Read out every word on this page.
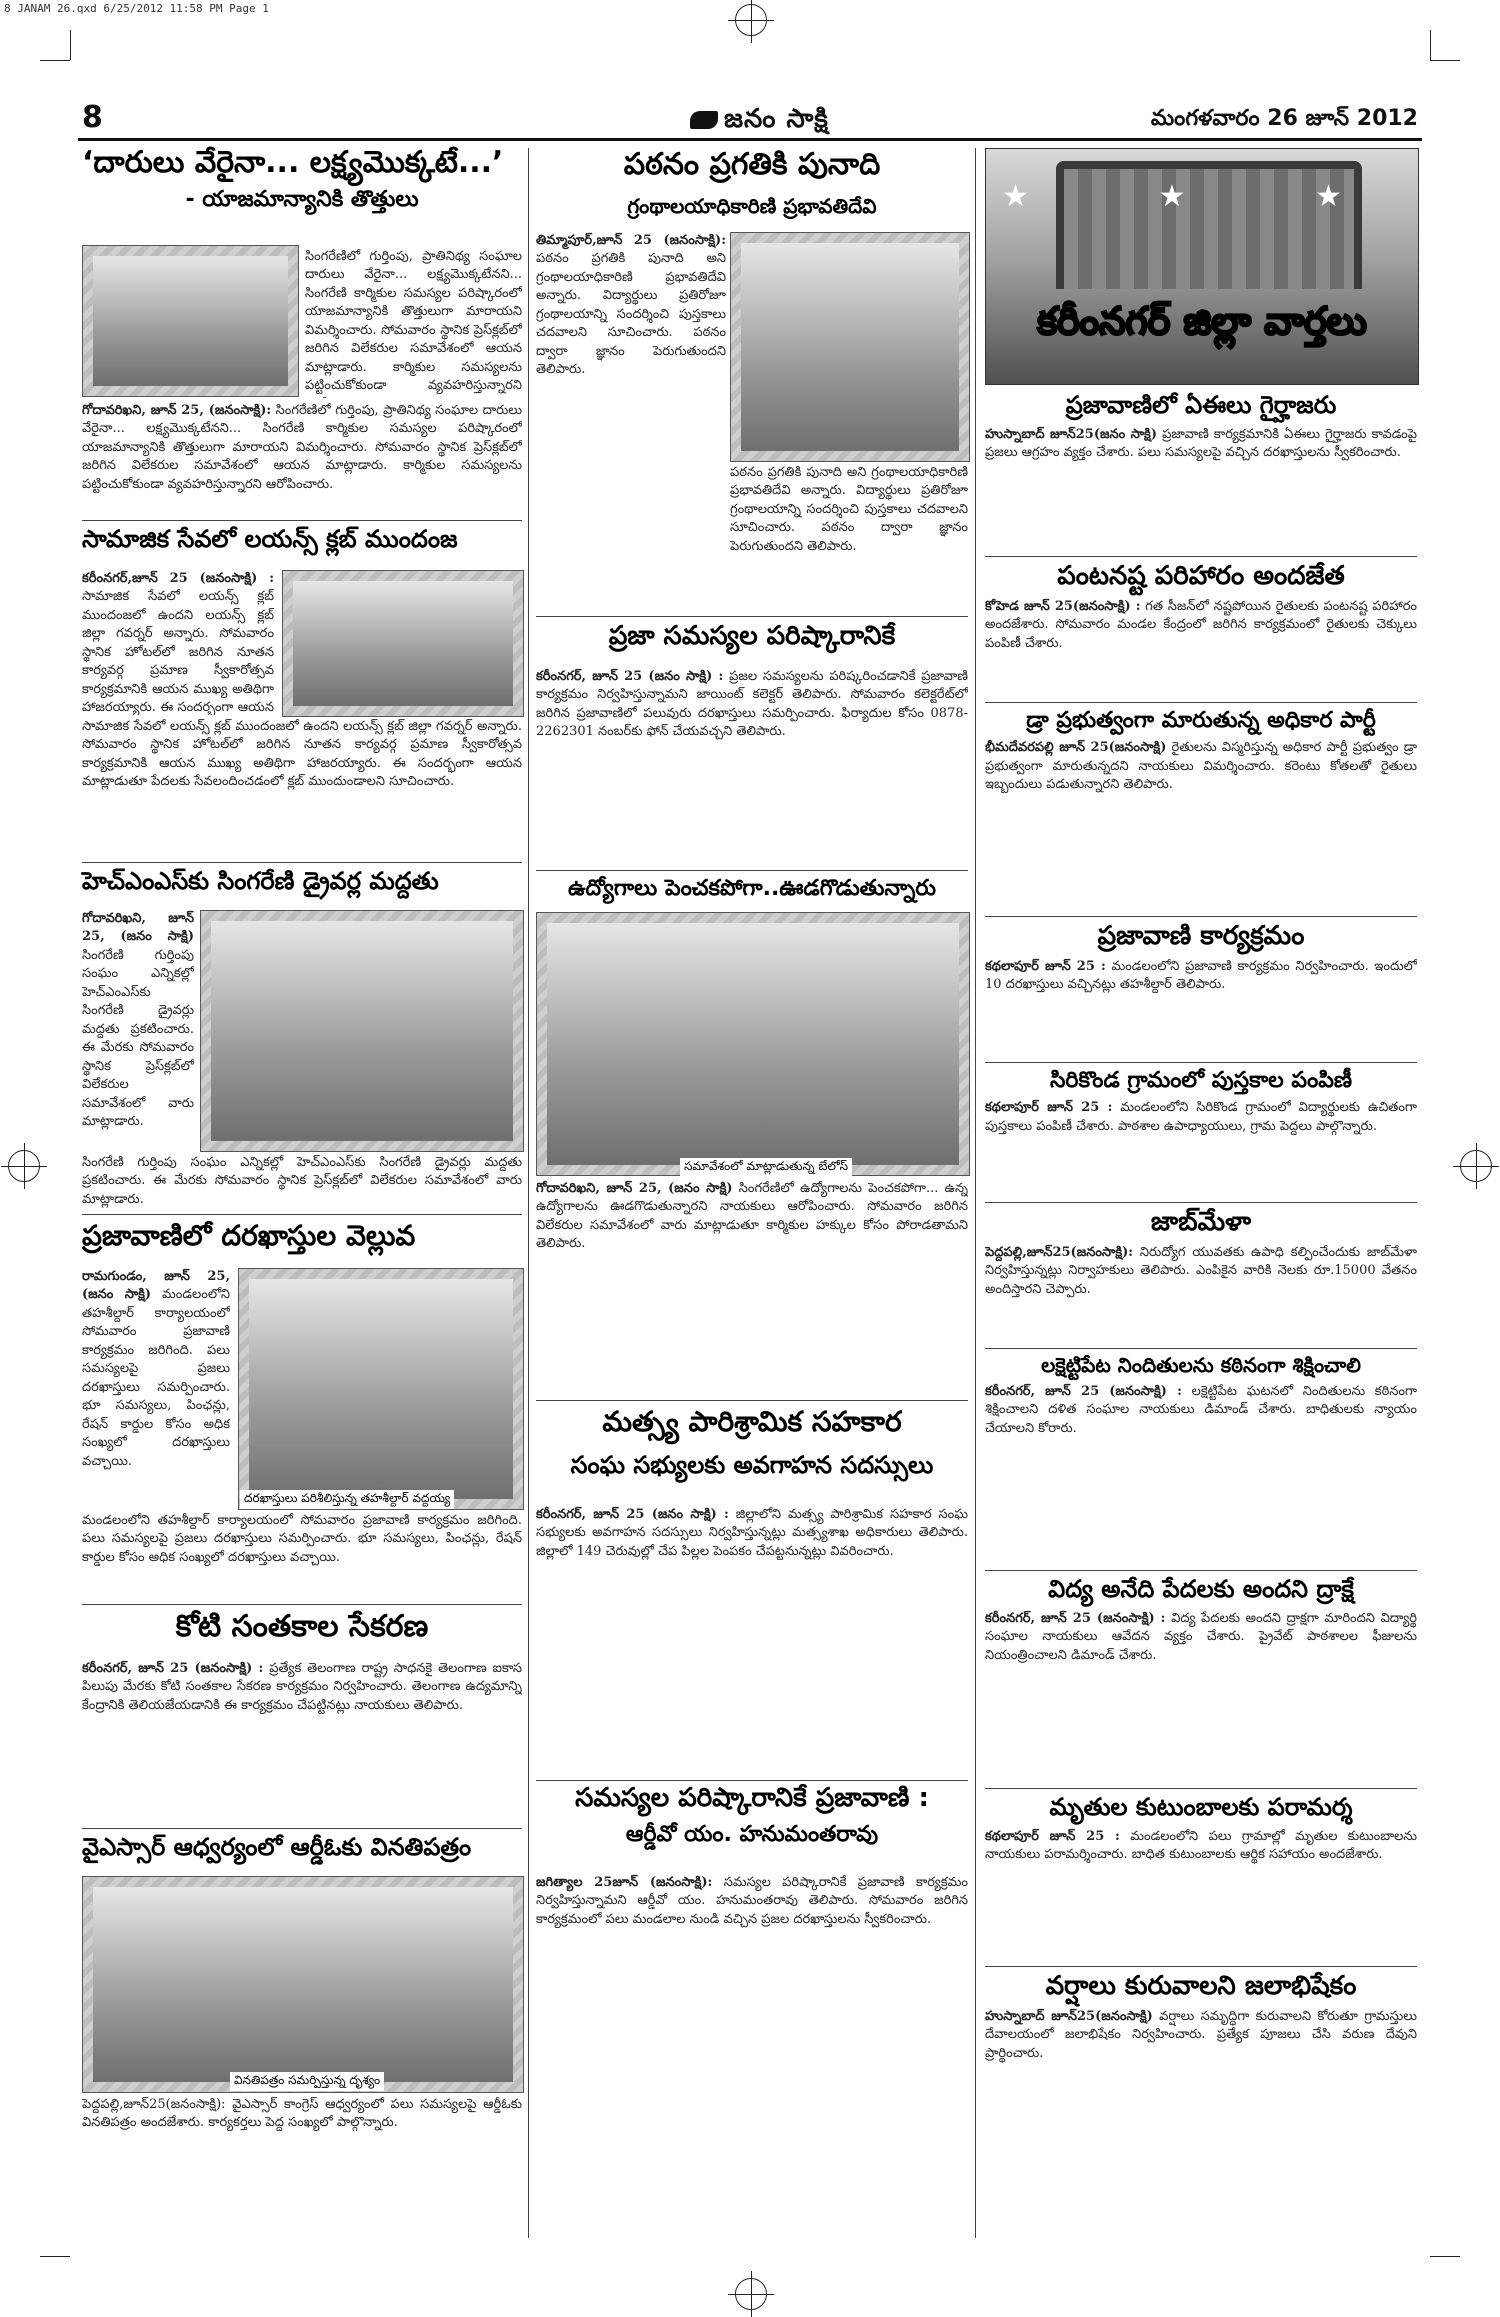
8 JANAM 26.qxd 6/25/2012 11:58 PM Page 1
8	జనం సాక్షి	మంగళవారం 26 జూన్ 2012
‘దారులు వేరైనా... లక్ష్యమొక్కటే...’
- యాజమాన్యానికి తొత్తులు
సింగరేణిలో గుర్తింపు, ప్రాతినిథ్య సంఘాల దారులు వేరైనా... లక్ష్యమొక్కటేనని... సింగరేణి కార్మికుల సమస్యల పరిష్కారంలో యాజమాన్యానికి తొత్తులుగా మారాయని విమర్శించారు. సోమవారం స్థానిక ప్రెస్‌క్లబ్‌లో జరిగిన విలేకరుల సమావేశంలో ఆయన మాట్లాడారు. కార్మికుల సమస్యలను పట్టించుకోకుండా వ్యవహరిస్తున్నారని
గోదావరిఖని, జూన్ 25, (జనంసాక్షి): సింగరేణిలో గుర్తింపు, ప్రాతినిథ్య సంఘాల దారులు వేరైనా... లక్ష్యమొక్కటేనని... సింగరేణి కార్మికుల సమస్యల పరిష్కారంలో యాజమాన్యానికి తొత్తులుగా మారాయని విమర్శించారు. సోమవారం స్థానిక ప్రెస్‌క్లబ్‌లో జరిగిన విలేకరుల సమావేశంలో ఆయన మాట్లాడారు. కార్మికుల సమస్యలను పట్టించుకోకుండా వ్యవహరిస్తున్నారని ఆరోపించారు.
సామాజిక సేవలో లయన్స్ క్లబ్ ముందంజ
కరీంనగర్,జూన్ 25 (జనంసాక్షి) : సామాజిక సేవలో లయన్స్ క్లబ్ ముందంజలో ఉందని లయన్స్ క్లబ్ జిల్లా గవర్నర్ అన్నారు. సోమవారం స్థానిక హోటల్‌లో జరిగిన నూతన కార్యవర్గ ప్రమాణ స్వీకారోత్సవ కార్యక్రమానికి ఆయన ముఖ్య అతిథిగా హాజరయ్యారు. ఈ సందర్భంగా ఆయన
సామాజిక సేవలో లయన్స్ క్లబ్ ముందంజలో ఉందని లయన్స్ క్లబ్ జిల్లా గవర్నర్ అన్నారు. సోమవారం స్థానిక హోటల్‌లో జరిగిన నూతన కార్యవర్గ ప్రమాణ స్వీకారోత్సవ కార్యక్రమానికి ఆయన ముఖ్య అతిథిగా హాజరయ్యారు. ఈ సందర్భంగా ఆయన మాట్లాడుతూ పేదలకు సేవలందించడంలో క్లబ్ ముందుండాలని సూచించారు.
హెచ్ఎంఎస్‌కు సింగరేణి డ్రైవర్ల మద్దతు
గోదావరిఖని, జూన్ 25, (జనం సాక్షి) సింగరేణి గుర్తింపు సంఘం ఎన్నికల్లో హెచ్ఎంఎస్‌కు సింగరేణి డ్రైవర్లు మద్దతు ప్రకటించారు. ఈ మేరకు సోమవారం స్థానిక ప్రెస్‌క్లబ్‌లో విలేకరుల సమావేశంలో వారు మాట్లాడారు.
సింగరేణి గుర్తింపు సంఘం ఎన్నికల్లో హెచ్ఎంఎస్‌కు సింగరేణి డ్రైవర్లు మద్దతు ప్రకటించారు. ఈ మేరకు సోమవారం స్థానిక ప్రెస్‌క్లబ్‌లో విలేకరుల సమావేశంలో వారు మాట్లాడారు.
ప్రజావాణిలో దరఖాస్తుల వెల్లువ
రామగుండం, జూన్ 25, (జనం సాక్షి) మండలంలోని తహశీల్దార్ కార్యాలయంలో సోమవారం ప్రజావాణి కార్యక్రమం జరిగింది. పలు సమస్యలపై ప్రజలు దరఖాస్తులు సమర్పించారు. భూ సమస్యలు, పింఛన్లు, రేషన్ కార్డుల కోసం అధిక సంఖ్యలో దరఖాస్తులు వచ్చాయి.
దరఖాస్తులు పరిశీలిస్తున్న తహశీల్దార్ వద్దయ్య
మండలంలోని తహశీల్దార్ కార్యాలయంలో సోమవారం ప్రజావాణి కార్యక్రమం జరిగింది. పలు సమస్యలపై ప్రజలు దరఖాస్తులు సమర్పించారు. భూ సమస్యలు, పింఛన్లు, రేషన్ కార్డుల కోసం అధిక సంఖ్యలో దరఖాస్తులు వచ్చాయి.
కోటి సంతకాల సేకరణ
కరీంనగర్, జూన్ 25 (జనంసాక్షి) : ప్రత్యేక తెలంగాణ రాష్ట్ర సాధనకై తెలంగాణ ఐకాస పిలుపు మేరకు కోటి సంతకాల సేకరణ కార్యక్రమం నిర్వహించారు. తెలంగాణ ఉద్యమాన్ని కేంద్రానికి తెలియజేయడానికి ఈ కార్యక్రమం చేపట్టినట్లు నాయకులు తెలిపారు.
వైఎస్సార్ ఆధ్వర్యంలో ఆర్డీఓకు వినతిపత్రం
వినతిపత్రం సమర్పిస్తున్న దృశ్యం
పెద్దపల్లి,జూన్25(జనంసాక్షి): వైఎస్సార్ కాంగ్రెస్ ఆధ్వర్యంలో పలు సమస్యలపై ఆర్డీఓకు వినతిపత్రం అందజేశారు. కార్యకర్తలు పెద్ద సంఖ్యలో పాల్గొన్నారు.
పఠనం ప్రగతికి పునాది
గ్రంథాలయాధికారిణి ప్రభావతిదేవి
తిమ్మాపూర్,జూన్ 25 (జనంసాక్షి): పఠనం ప్రగతికి పునాది అని గ్రంథాలయాధికారిణి ప్రభావతిదేవి అన్నారు. విద్యార్థులు ప్రతిరోజూ గ్రంథాలయాన్ని సందర్శించి పుస్తకాలు చదవాలని సూచించారు. పఠనం ద్వారా జ్ఞానం పెరుగుతుందని తెలిపారు.
పఠనం ప్రగతికి పునాది అని గ్రంథాలయాధికారిణి ప్రభావతిదేవి అన్నారు. విద్యార్థులు ప్రతిరోజూ గ్రంథాలయాన్ని సందర్శించి పుస్తకాలు చదవాలని సూచించారు. పఠనం ద్వారా జ్ఞానం పెరుగుతుందని తెలిపారు.
ప్రజా సమస్యల పరిష్కారానికే
కరీంనగర్, జూన్ 25 (జనం సాక్షి) : ప్రజల సమస్యలను పరిష్కరించడానికే ప్రజావాణి కార్యక్రమం నిర్వహిస్తున్నామని జాయింట్ కలెక్టర్ తెలిపారు. సోమవారం కలెక్టరేట్‌లో జరిగిన ప్రజావాణిలో పలువురు దరఖాస్తులు సమర్పించారు. ఫిర్యాదుల కోసం 0878-2262301 నంబర్‌కు ఫోన్ చేయవచ్చని తెలిపారు.
ఉద్యోగాలు పెంచకపోగా..ఊడగొడుతున్నారు
సమావేశంలో మాట్లాడుతున్న బేలోస్
గోదావరిఖని, జూన్ 25, (జనం సాక్షి) సింగరేణిలో ఉద్యోగాలను పెంచకపోగా... ఉన్న ఉద్యోగాలను ఊడగొడుతున్నారని నాయకులు ఆరోపించారు. సోమవారం జరిగిన విలేకరుల సమావేశంలో వారు మాట్లాడుతూ కార్మికుల హక్కుల కోసం పోరాడతామని తెలిపారు.
మత్స్య పారిశ్రామిక సహకార
సంఘ సభ్యులకు అవగాహన సదస్సులు
కరీంనగర్, జూన్ 25 (జనం సాక్షి) : జిల్లాలోని మత్స్య పారిశ్రామిక సహకార సంఘ సభ్యులకు అవగాహన సదస్సులు నిర్వహిస్తున్నట్లు మత్స్యశాఖ అధికారులు తెలిపారు. జిల్లాలో 149 చెరువుల్లో చేప పిల్లల పెంపకం చేపట్టనున్నట్లు వివరించారు.
సమస్యల పరిష్కారానికే ప్రజావాణి :
ఆర్డీవో యం. హనుమంతరావు
జగిత్యాల 25జూన్ (జనంసాక్షి): సమస్యల పరిష్కారానికే ప్రజావాణి కార్యక్రమం నిర్వహిస్తున్నామని ఆర్డీవో యం. హనుమంతరావు తెలిపారు. సోమవారం జరిగిన కార్యక్రమంలో పలు మండలాల నుండి వచ్చిన ప్రజల దరఖాస్తులను స్వీకరించారు.
★ ★ ★
కరీంనగర్ జిల్లా వార్తలు
ప్రజావాణిలో ఏఈలు గైర్హాజరు
హుస్నాబాద్ జూన్25(జనం సాక్షి) ప్రజావాణి కార్యక్రమానికి ఏఈలు గైర్హాజరు కావడంపై ప్రజలు ఆగ్రహం వ్యక్తం చేశారు. పలు సమస్యలపై వచ్చిన దరఖాస్తులను స్వీకరించారు.
పంటనష్ట పరిహారం అందజేత
కోహెడ జూన్ 25(జనంసాక్షి) : గత సీజన్‌లో నష్టపోయిన రైతులకు పంటనష్ట పరిహారం అందజేశారు. సోమవారం మండల కేంద్రంలో జరిగిన కార్యక్రమంలో రైతులకు చెక్కులు పంపిణీ చేశారు.
డ్రా ప్రభుత్వంగా మారుతున్న అధికార పార్టీ
భీమదేవరపల్లి జూన్ 25(జనంసాక్షి) రైతులను విస్మరిస్తున్న అధికార పార్టీ ప్రభుత్వం డ్రా ప్రభుత్వంగా మారుతున్నదని నాయకులు విమర్శించారు. కరెంటు కోతలతో రైతులు ఇబ్బందులు పడుతున్నారని తెలిపారు.
ప్రజావాణి కార్యక్రమం
కథలాపూర్ జూన్ 25 : మండలంలోని ప్రజావాణి కార్యక్రమం నిర్వహించారు. ఇందులో 10 దరఖాస్తులు వచ్చినట్లు తహశీల్దార్ తెలిపారు.
సిరికొండ గ్రామంలో పుస్తకాల పంపిణీ
కథలాపూర్ జూన్ 25 : మండలంలోని సిరికొండ గ్రామంలో విద్యార్థులకు ఉచితంగా పుస్తకాలు పంపిణీ చేశారు. పాఠశాల ఉపాధ్యాయులు, గ్రామ పెద్దలు పాల్గొన్నారు.
జాబ్‌మేళా
పెద్దపల్లి,జూన్25(జనంసాక్షి): నిరుద్యోగ యువతకు ఉపాధి కల్పించేందుకు జాబ్‌మేళా నిర్వహిస్తున్నట్లు నిర్వాహకులు తెలిపారు. ఎంపికైన వారికి నెలకు రూ.15000 వేతనం అందిస్తారని చెప్పారు.
లక్షెట్టిపేట నిందితులను కఠినంగా శిక్షించాలి
కరీంనగర్, జూన్ 25 (జనంసాక్షి) : లక్షెట్టిపేట ఘటనలో నిందితులను కఠినంగా శిక్షించాలని దళిత సంఘాల నాయకులు డిమాండ్ చేశారు. బాధితులకు న్యాయం చేయాలని కోరారు.
విద్య అనేది పేదలకు అందని ద్రాక్షే
కరీంనగర్, జూన్ 25 (జనంసాక్షి) : విద్య పేదలకు అందని ద్రాక్షగా మారిందని విద్యార్థి సంఘాల నాయకులు ఆవేదన వ్యక్తం చేశారు. ప్రైవేట్ పాఠశాలల ఫీజులను నియంత్రించాలని డిమాండ్ చేశారు.
మృతుల కుటుంబాలకు పరామర్శ
కథలాపూర్ జూన్ 25 : మండలంలోని పలు గ్రామాల్లో మృతుల కుటుంబాలను నాయకులు పరామర్శించారు. బాధిత కుటుంబాలకు ఆర్థిక సహాయం అందజేశారు.
వర్షాలు కురువాలని జలాభిషేకం
హుస్నాబాద్ జూన్25(జనంసాక్షి) వర్షాలు సమృద్ధిగా కురువాలని కోరుతూ గ్రామస్తులు దేవాలయంలో జలాభిషేకం నిర్వహించారు. ప్రత్యేక పూజలు చేసి వరుణ దేవుని ప్రార్థించారు.
